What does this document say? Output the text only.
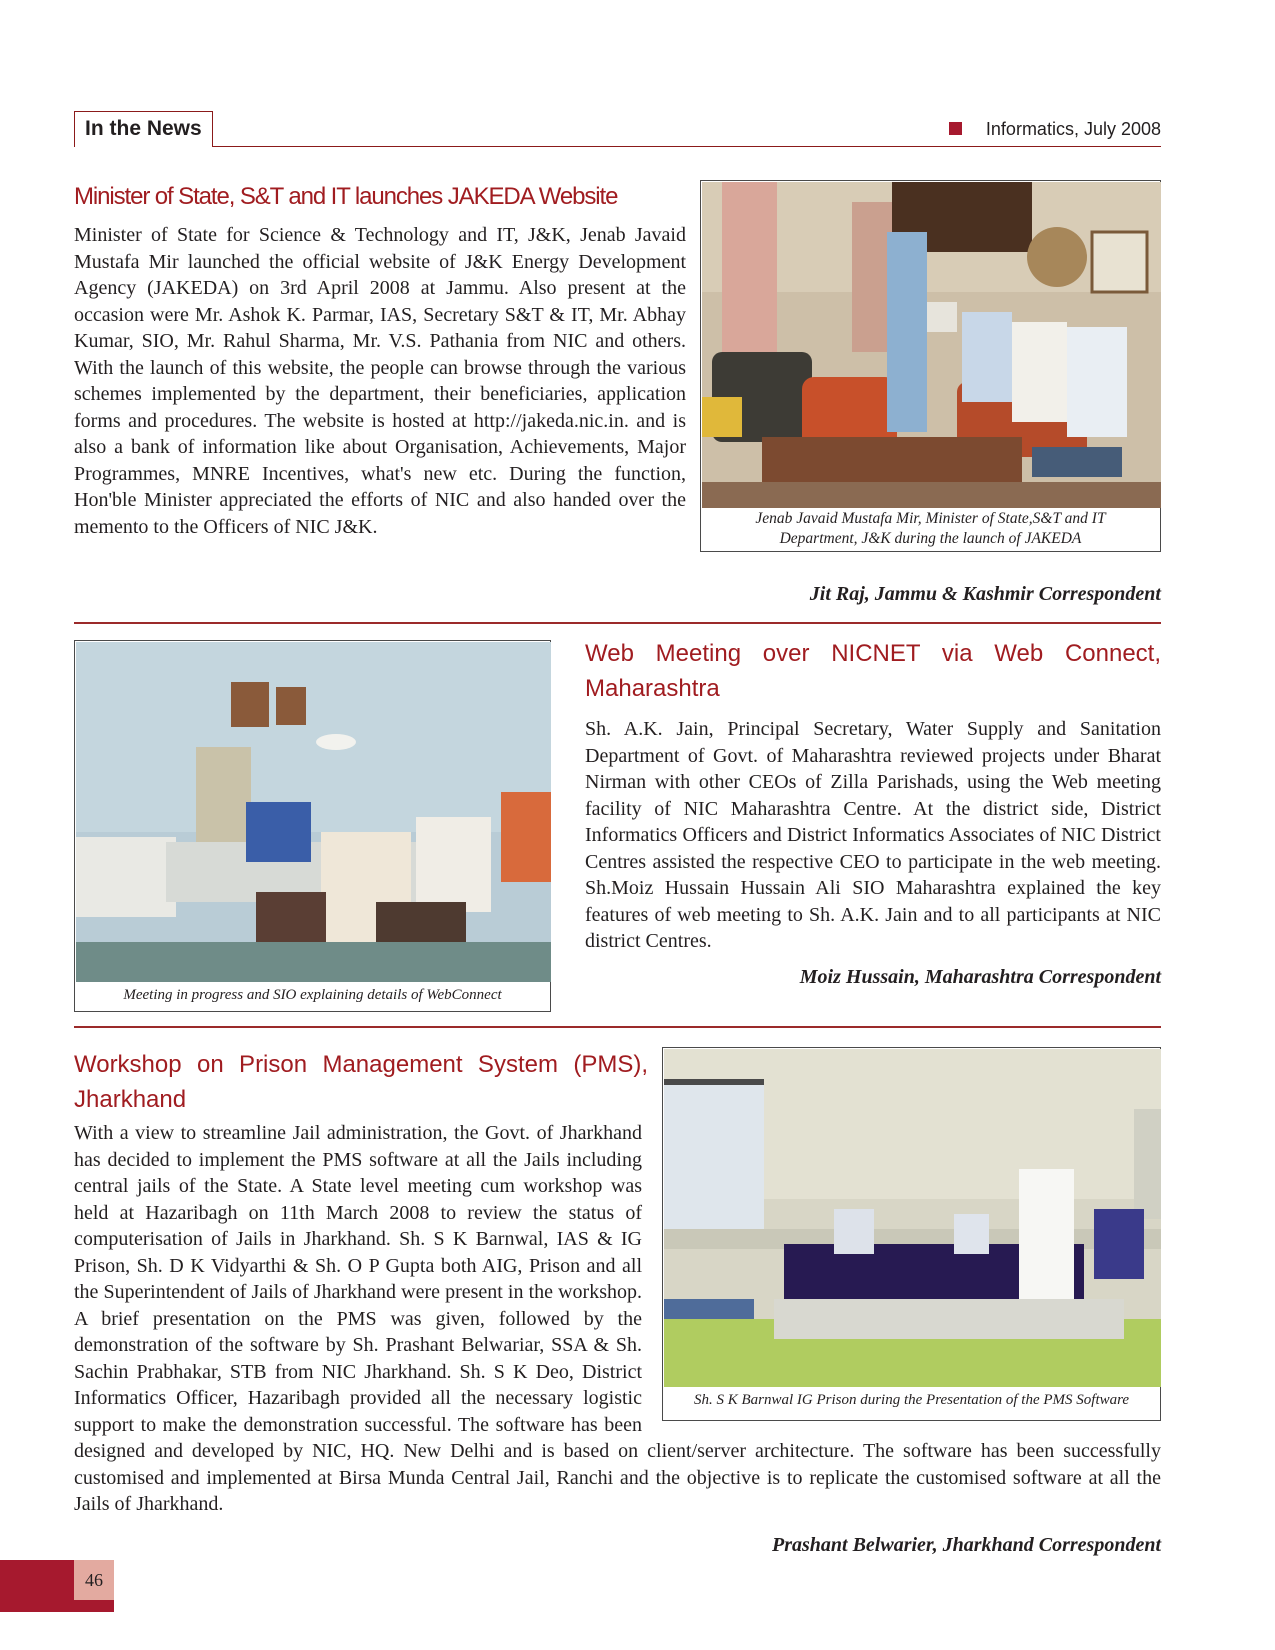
In the News	Informatics, July 2008
Minister of State, S&T and IT launches JAKEDA Website
Minister of State for Science & Technology and IT, J&K, Jenab Javaid Mustafa Mir launched the official website of J&K Energy Development Agency (JAKEDA) on 3rd April 2008 at Jammu. Also present at the occasion were Mr. Ashok K. Parmar, IAS, Secretary S&T & IT, Mr. Abhay Kumar, SIO, Mr. Rahul Sharma, Mr. V.S. Pathania from NIC and others. With the launch of this website, the people can browse through the various schemes implemented by the department, their beneficiaries, application forms and procedures. The website is hosted at http://jakeda.nic.in. and is also a bank of information like about Organisation, Achievements, Major Programmes, MNRE Incentives, what's new etc. During the function, Hon'ble Minister appreciated the efforts of NIC and also handed over the memento to the Officers of NIC J&K.	Jenab Javaid Mustafa Mir, Minister of State,S&T and IT Department, J&K during the launch of JAKEDA
Jit Raj, Jammu & Kashmir Correspondent
Meeting in progress and SIO explaining details of WebConnect
Web Meeting over NICNET via Web Connect, Maharashtra
Sh. A.K. Jain, Principal Secretary, Water Supply and Sanitation Department of Govt. of Maharashtra reviewed projects under Bharat Nirman with other CEOs of Zilla Parishads, using the Web meeting facility of NIC Maharashtra Centre. At the district side, District Informatics Officers and District Informatics Associates of NIC District Centres assisted the respective CEO to participate in the web meeting. Sh.Moiz Hussain Hussain Ali SIO Maharashtra explained the key features of web meeting to Sh. A.K. Jain and to all participants at NIC district Centres.
Moiz Hussain, Maharashtra Correspondent
Workshop on Prison Management System (PMS), Jharkhand
Sh. S K Barnwal IG Prison during the Presentation of the PMS Software
With a view to streamline Jail administration, the Govt. of Jharkhand has decided to implement the PMS software at all the Jails including central jails of the State. A State level meeting cum workshop was held at Hazaribagh on 11th March 2008 to review the status of computerisation of Jails in Jharkhand. Sh. S K Barnwal, IAS & IG Prison, Sh. D K Vidyarthi & Sh. O P Gupta both AIG, Prison and all the Superintendent of Jails of Jharkhand were present in the workshop. A brief presentation on the PMS was given, followed by the demonstration of the software by Sh. Prashant Belwariar, SSA & Sh. Sachin Prabhakar, STB from NIC Jharkhand. Sh. S K Deo, District Informatics Officer, Hazaribagh provided all the necessary logistic support to make the demonstration successful. The software has been designed and developed by NIC, HQ. New Delhi and is based on client/server architecture. The software has been successfully customised and implemented at Birsa Munda Central Jail, Ranchi and the objective is to replicate the customised software at all the Jails of Jharkhand.
Prashant Belwarier, Jharkhand Correspondent
46
